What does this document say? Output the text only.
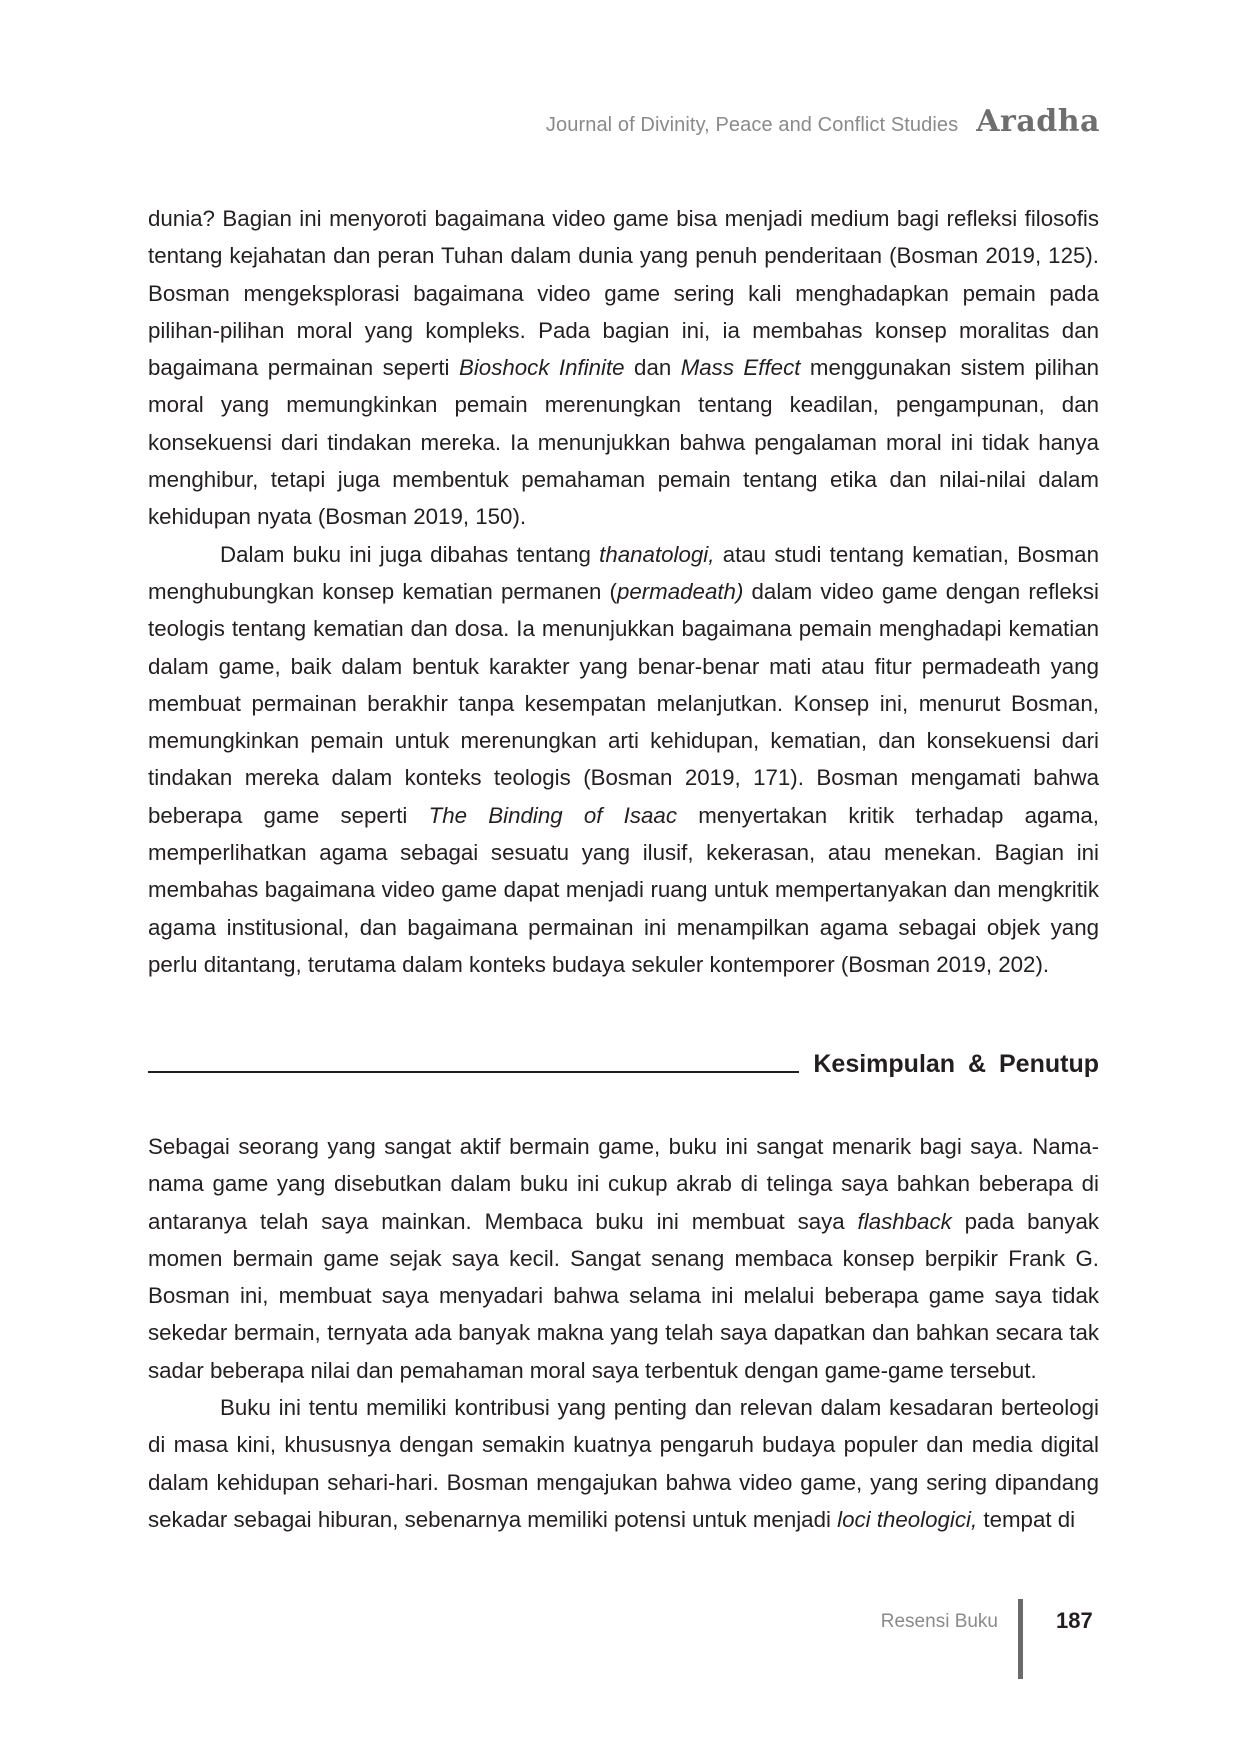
Journal of Divinity, Peace and Conflict Studies Aradha

dunia? Bagian ini menyoroti bagaimana video game bisa menjadi medium bagi refleksi filosofis tentang kejahatan dan peran Tuhan dalam dunia yang penuh penderitaan (Bosman 2019, 125). Bosman mengeksplorasi bagaimana video game sering kali menghadapkan pemain pada pilihan-pilihan moral yang kompleks. Pada bagian ini, ia membahas konsep moralitas dan bagaimana permainan seperti Bioshock Infinite dan Mass Effect menggunakan sistem pilihan moral yang memungkinkan pemain merenungkan tentang keadilan, pengampunan, dan konsekuensi dari tindakan mereka. Ia menunjukkan bahwa pengalaman moral ini tidak hanya menghibur, tetapi juga membentuk pemahaman pemain tentang etika dan nilai-nilai dalam kehidupan nyata (Bosman 2019, 150).

Dalam buku ini juga dibahas tentang thanatologi, atau studi tentang kematian, Bosman menghubungkan konsep kematian permanen (permadeath) dalam video game dengan refleksi teologis tentang kematian dan dosa. Ia menunjukkan bagaimana pemain menghadapi kematian dalam game, baik dalam bentuk karakter yang benar-benar mati atau fitur permadeath yang membuat permainan berakhir tanpa kesempatan melanjutkan. Konsep ini, menurut Bosman, memungkinkan pemain untuk merenungkan arti kehidupan, kematian, dan konsekuensi dari tindakan mereka dalam konteks teologis (Bosman 2019, 171). Bosman mengamati bahwa beberapa game seperti The Binding of Isaac menyertakan kritik terhadap agama, memperlihatkan agama sebagai sesuatu yang ilusif, kekerasan, atau menekan. Bagian ini membahas bagaimana video game dapat menjadi ruang untuk mempertanyakan dan mengkritik agama institusional, dan bagaimana permainan ini menampilkan agama sebagai objek yang perlu ditantang, terutama dalam konteks budaya sekuler kontemporer (Bosman 2019, 202).

Kesimpulan & Penutup

Sebagai seorang yang sangat aktif bermain game, buku ini sangat menarik bagi saya. Nama-nama game yang disebutkan dalam buku ini cukup akrab di telinga saya bahkan beberapa di antaranya telah saya mainkan. Membaca buku ini membuat saya flashback pada banyak momen bermain game sejak saya kecil. Sangat senang membaca konsep berpikir Frank G. Bosman ini, membuat saya menyadari bahwa selama ini melalui beberapa game saya tidak sekedar bermain, ternyata ada banyak makna yang telah saya dapatkan dan bahkan secara tak sadar beberapa nilai dan pemahaman moral saya terbentuk dengan game-game tersebut.

Buku ini tentu memiliki kontribusi yang penting dan relevan dalam kesadaran berteologi di masa kini, khususnya dengan semakin kuatnya pengaruh budaya populer dan media digital dalam kehidupan sehari-hari. Bosman mengajukan bahwa video game, yang sering dipandang sekadar sebagai hiburan, sebenarnya memiliki potensi untuk menjadi loci theologici, tempat di

Resensi Buku	187
